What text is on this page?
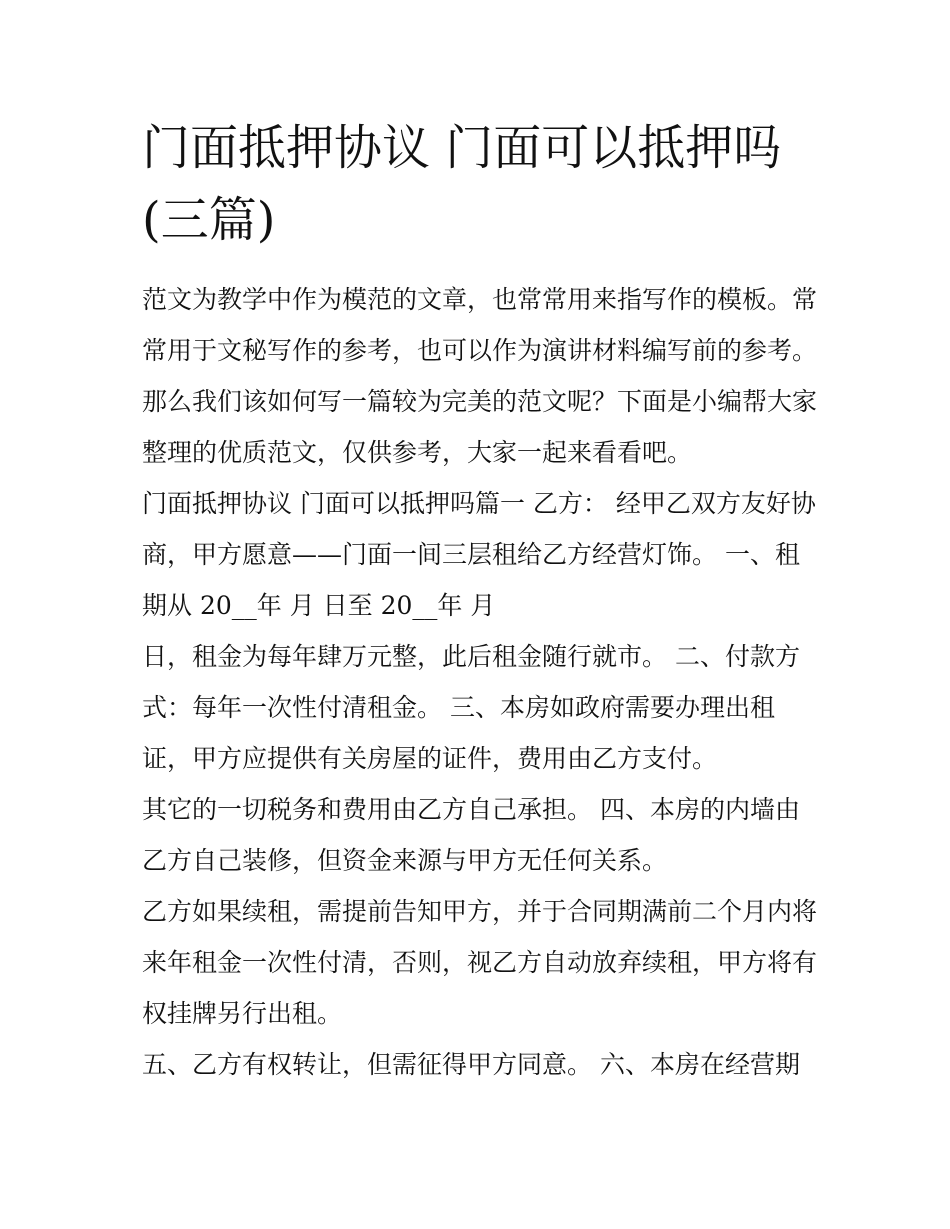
门面抵押协议 门面可以抵押吗
(三篇)

范文为教学中作为模范的文章，也常常用来指写作的模板。常

常用于文秘写作的参考，也可以作为演讲材料编写前的参考。

那么我们该如何写一篇较为完美的范文呢？下面是小编帮大家

整理的优质范文，仅供参考，大家一起来看看吧。

门面抵押协议 门面可以抵押吗篇一 乙方： 经甲乙双方友好协

商，甲方愿意——门面一间三层租给乙方经营灯饰。 一、租

期从 20__年 月 日至 20__年 月

日，租金为每年肆万元整，此后租金随行就市。 二、付款方

式：每年一次性付清租金。 三、本房如政府需要办理出租

证，甲方应提供有关房屋的证件，费用由乙方支付。

其它的一切税务和费用由乙方自己承担。 四、本房的内墙由

乙方自己装修，但资金来源与甲方无任何关系。

乙方如果续租，需提前告知甲方，并于合同期满前二个月内将

来年租金一次性付清，否则，视乙方自动放弃续租，甲方将有

权挂牌另行出租。

五、乙方有权转让，但需征得甲方同意。 六、本房在经营期
